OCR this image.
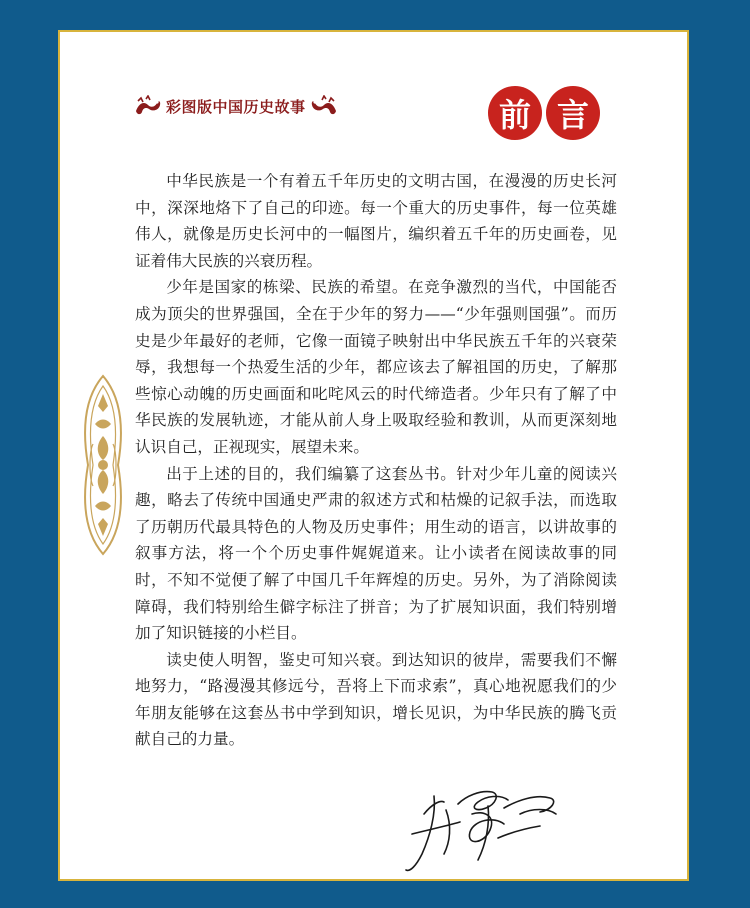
彩图版中国历史故事	前 言

中华民族是一个有着五千年历史的文明古国，在漫漫的历史长河中，深深地烙下了自己的印迹。每一个重大的历史事件，每一位英雄伟人，就像是历史长河中的一幅图片，编织着五千年的历史画卷，见证着伟大民族的兴衰历程。

少年是国家的栋梁、民族的希望。在竞争激烈的当代，中国能否成为顶尖的世界强国，全在于少年的努力——“少年强则国强”。而历史是少年最好的老师，它像一面镜子映射出中华民族五千年的兴衰荣辱，我想每一个热爱生活的少年，都应该去了解祖国的历史，了解那些惊心动魄的历史画面和叱咤风云的时代缔造者。少年只有了解了中华民族的发展轨迹，才能从前人身上吸取经验和教训，从而更深刻地认识自己，正视现实，展望未来。

出于上述的目的，我们编纂了这套丛书。针对少年儿童的阅读兴趣，略去了传统中国通史严肃的叙述方式和枯燥的记叙手法，而选取了历朝历代最具特色的人物及历史事件；用生动的语言，以讲故事的叙事方法，将一个个历史事件娓娓道来。让小读者在阅读故事的同时，不知不觉便了解了中国几千年辉煌的历史。另外，为了消除阅读障碍，我们特别给生僻字标注了拼音；为了扩展知识面，我们特别增加了知识链接的小栏目。

读史使人明智，鉴史可知兴衰。到达知识的彼岸，需要我们不懈地努力，“路漫漫其修远兮，吾将上下而求索”，真心地祝愿我们的少年朋友能够在这套丛书中学到知识，增长见识，为中华民族的腾飞贡献自己的力量。
